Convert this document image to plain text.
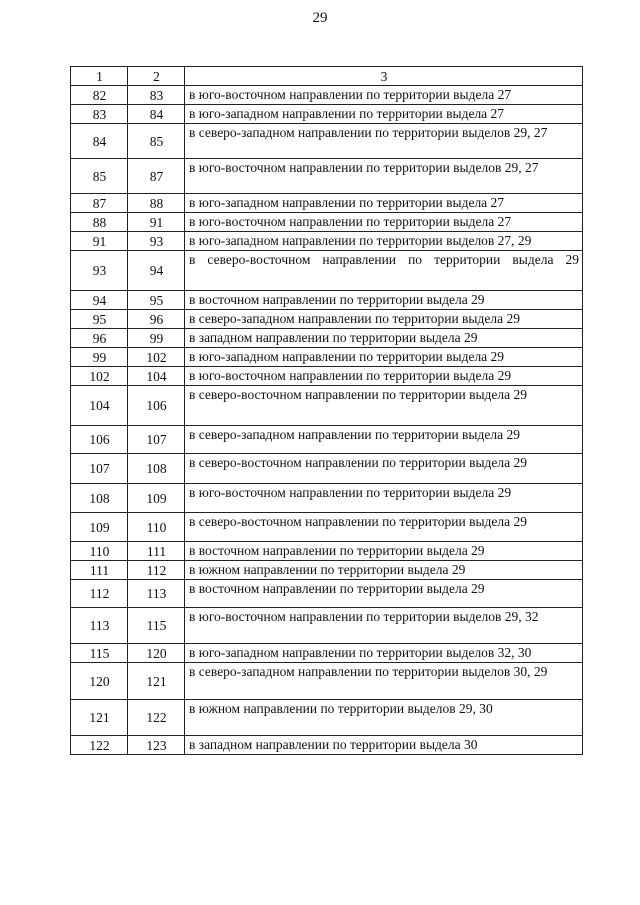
29
1	2	3
82	83	в юго-восточном направлении по территории выдела 27
83	84	в юго-западном направлении по территории выдела 27
84	85	в северо-западном направлении по территории выделов 29, 27
85	87	в юго-восточном направлении по территории выделов 29, 27
87	88	в юго-западном направлении по территории выдела 27
88	91	в юго-восточном направлении по территории выдела 27
91	93	в юго-западном направлении по территории выделов 27, 29
93	94	в северо-восточном направлении по территории выдела 29
94	95	в восточном направлении по территории выдела 29
95	96	в северо-западном направлении по территории выдела 29
96	99	в западном направлении по территории выдела 29
99	102	в юго-западном направлении по территории выдела 29
102	104	в юго-восточном направлении по территории выдела 29
104	106	в северо-восточном направлении по территории выдела 29
106	107	в северо-западном направлении по территории выдела 29
107	108	в северо-восточном направлении по территории выдела 29
108	109	в юго-восточном направлении по территории выдела 29
109	110	в северо-восточном направлении по территории выдела 29
110	111	в восточном направлении по территории выдела 29
111	112	в южном направлении по территории выдела 29
112	113	в восточном направлении по территории выдела 29
113	115	в юго-восточном направлении по территории выделов 29, 32
115	120	в юго-западном направлении по территории выделов 32, 30
120	121	в северо-западном направлении по территории выделов 30, 29
121	122	в южном направлении по территории выделов 29, 30
122	123	в западном направлении по территории выдела 30
